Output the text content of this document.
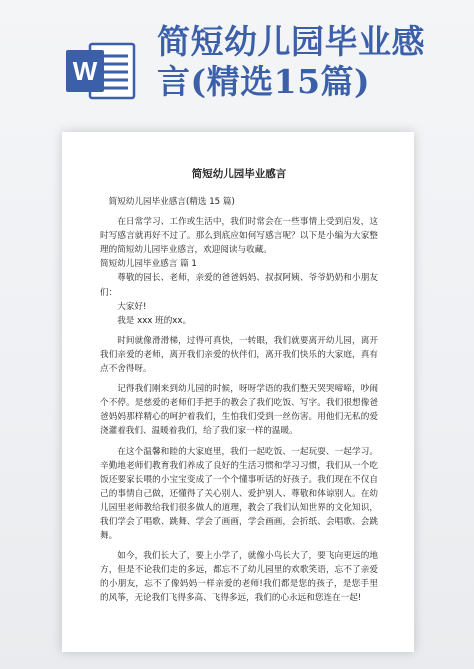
W
简短幼儿园毕业感言(精选15篇)
简短幼儿园毕业感言

简短幼儿园毕业感言(精选 15 篇)

在日常学习、工作或生活中，我们时常会在一些事情上受到启发，这时写感言就再好不过了。那么到底应如何写感言呢？以下是小编为大家整理的简短幼儿园毕业感言，欢迎阅读与收藏。

简短幼儿园毕业感言 篇 1

尊敬的园长、老师，亲爱的爸爸妈妈、叔叔阿姨、爷爷奶奶和小朋友们：

大家好!

我是 xxx 班的xx。

时间就像滑滑梯，过得可真快，一转眼，我们就要离开幼儿园，离开我们亲爱的老师，离开我们亲爱的伙伴们，离开我们快乐的大家庭，真有点不舍得呀。

记得我们刚来到幼儿园的时候，呀呀学语的我们整天哭哭啼啼，吵闹个不停。是慈爱的老师们手把手的教会了我们吃饭、写字。我们很想像爸爸妈妈那样精心的呵护着我们，生怕我们受到一丝伤害。用他们无私的爱浇灌着我们、温暖着我们，给了我们家一样的温暖。

在这个温馨和睦的大家庭里，我们一起吃饭、一起玩耍、一起学习。辛勤地老师们教育我们养成了良好的生活习惯和学习习惯，我们从一个吃饭还要家长喂的小宝宝变成了一个个懂事听话的好孩子。我们现在不仅自己的事情自己做，还懂得了关心别人、爱护别人、尊敬和体谅别人。在幼儿园里老师教给我们很多做人的道理，教会了我们认知世界的文化知识，我们学会了唱歌、跳舞、学会了画画，学会画画，会折纸、会唱歌、会跳舞。

如今，我们长大了，要上小学了，就像小鸟长大了，要飞向更远的地方，但是不论我们走的多远，都忘不了幼儿园里的欢歌笑语，忘不了亲爱的小朋友，忘不了像妈妈一样亲爱的老师!我们都是您的孩子，是您手里的风筝，无论我们飞得多高、飞得多远，我们的心永远和您连在一起!
